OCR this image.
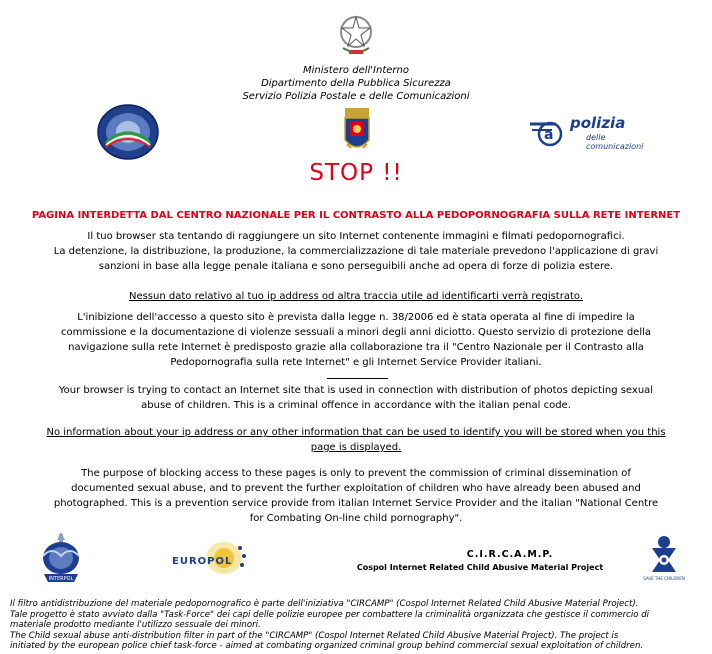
Ministero dell'Interno
Dipartimento della Pubblica Sicurezza
Servizio Polizia Postale e delle Comunicazioni
a
polizia
delle comunicazioni
STOP !!
PAGINA INTERDETTA DAL CENTRO NAZIONALE PER IL CONTRASTO ALLA PEDOPORNOGRAFIA SULLA RETE INTERNET
Il tuo browser sta tentando di raggiungere un sito Internet contenente immagini e filmati pedopornografici.
La detenzione, la distribuzione, la produzione, la commercializzazione di tale materiale prevedono l'applicazione di gravi
sanzioni in base alla legge penale italiana e sono perseguibili anche ad opera di forze di polizia estere.
Nessun dato relativo al tuo ip address od altra traccia utile ad identificarti verrà registrato.
L'inibizione dell'accesso a questo sito è prevista dalla legge n. 38/2006 ed è stata operata al fine di impedire la
commissione e la documentazione di violenze sessuali a minori degli anni diciotto. Questo servizio di protezione della
navigazione sulla rete Internet è predisposto grazie alla collaborazione tra il "Centro Nazionale per il Contrasto alla
Pedopornografia sulla rete Internet" e gli Internet Service Provider italiani.
Your browser is trying to contact an Internet site that is used in connection with distribution of photos depicting sexual
abuse of children. This is a criminal offence in accordance with the italian penal code.
No information about your ip address or any other information that can be used to identify you will be stored when you this
page is displayed.
The purpose of blocking access to these pages is only to prevent the commission of criminal dissemination of
documented sexual abuse, and to prevent the further exploitation of children who have already been abused and
photographed. This is a prevention service provide from italian Internet Service Provider and the italian "National Centre
for Combating On-line child pornography".
INTERPOL
EUROPOL
C.I.R.C.A.M.P.
Cospol Internet Related Child Abusive Material Project
SAVE THE CHILDREN
Il filtro antidistribuzione del materiale pedopornografico è parte dell'iniziativa "CIRCAMP" (Cospol Internet Related Child Abusive Material Project).
Tale progetto è stato avviato dalla "Task-Force" dei capi delle polizie europee per combattere la criminalità organizzata che gestisce il commercio di
materiale prodotto mediante l'utilizzo sessuale dei minori.
The Child sexual abuse anti-distribution filter in part of the "CIRCAMP" (Cospol Internet Related Child Abusive Material Project). The project is
initiated by the european police chief task-force - aimed at combating organized criminal group behind commercial sexual exploitation of children.
